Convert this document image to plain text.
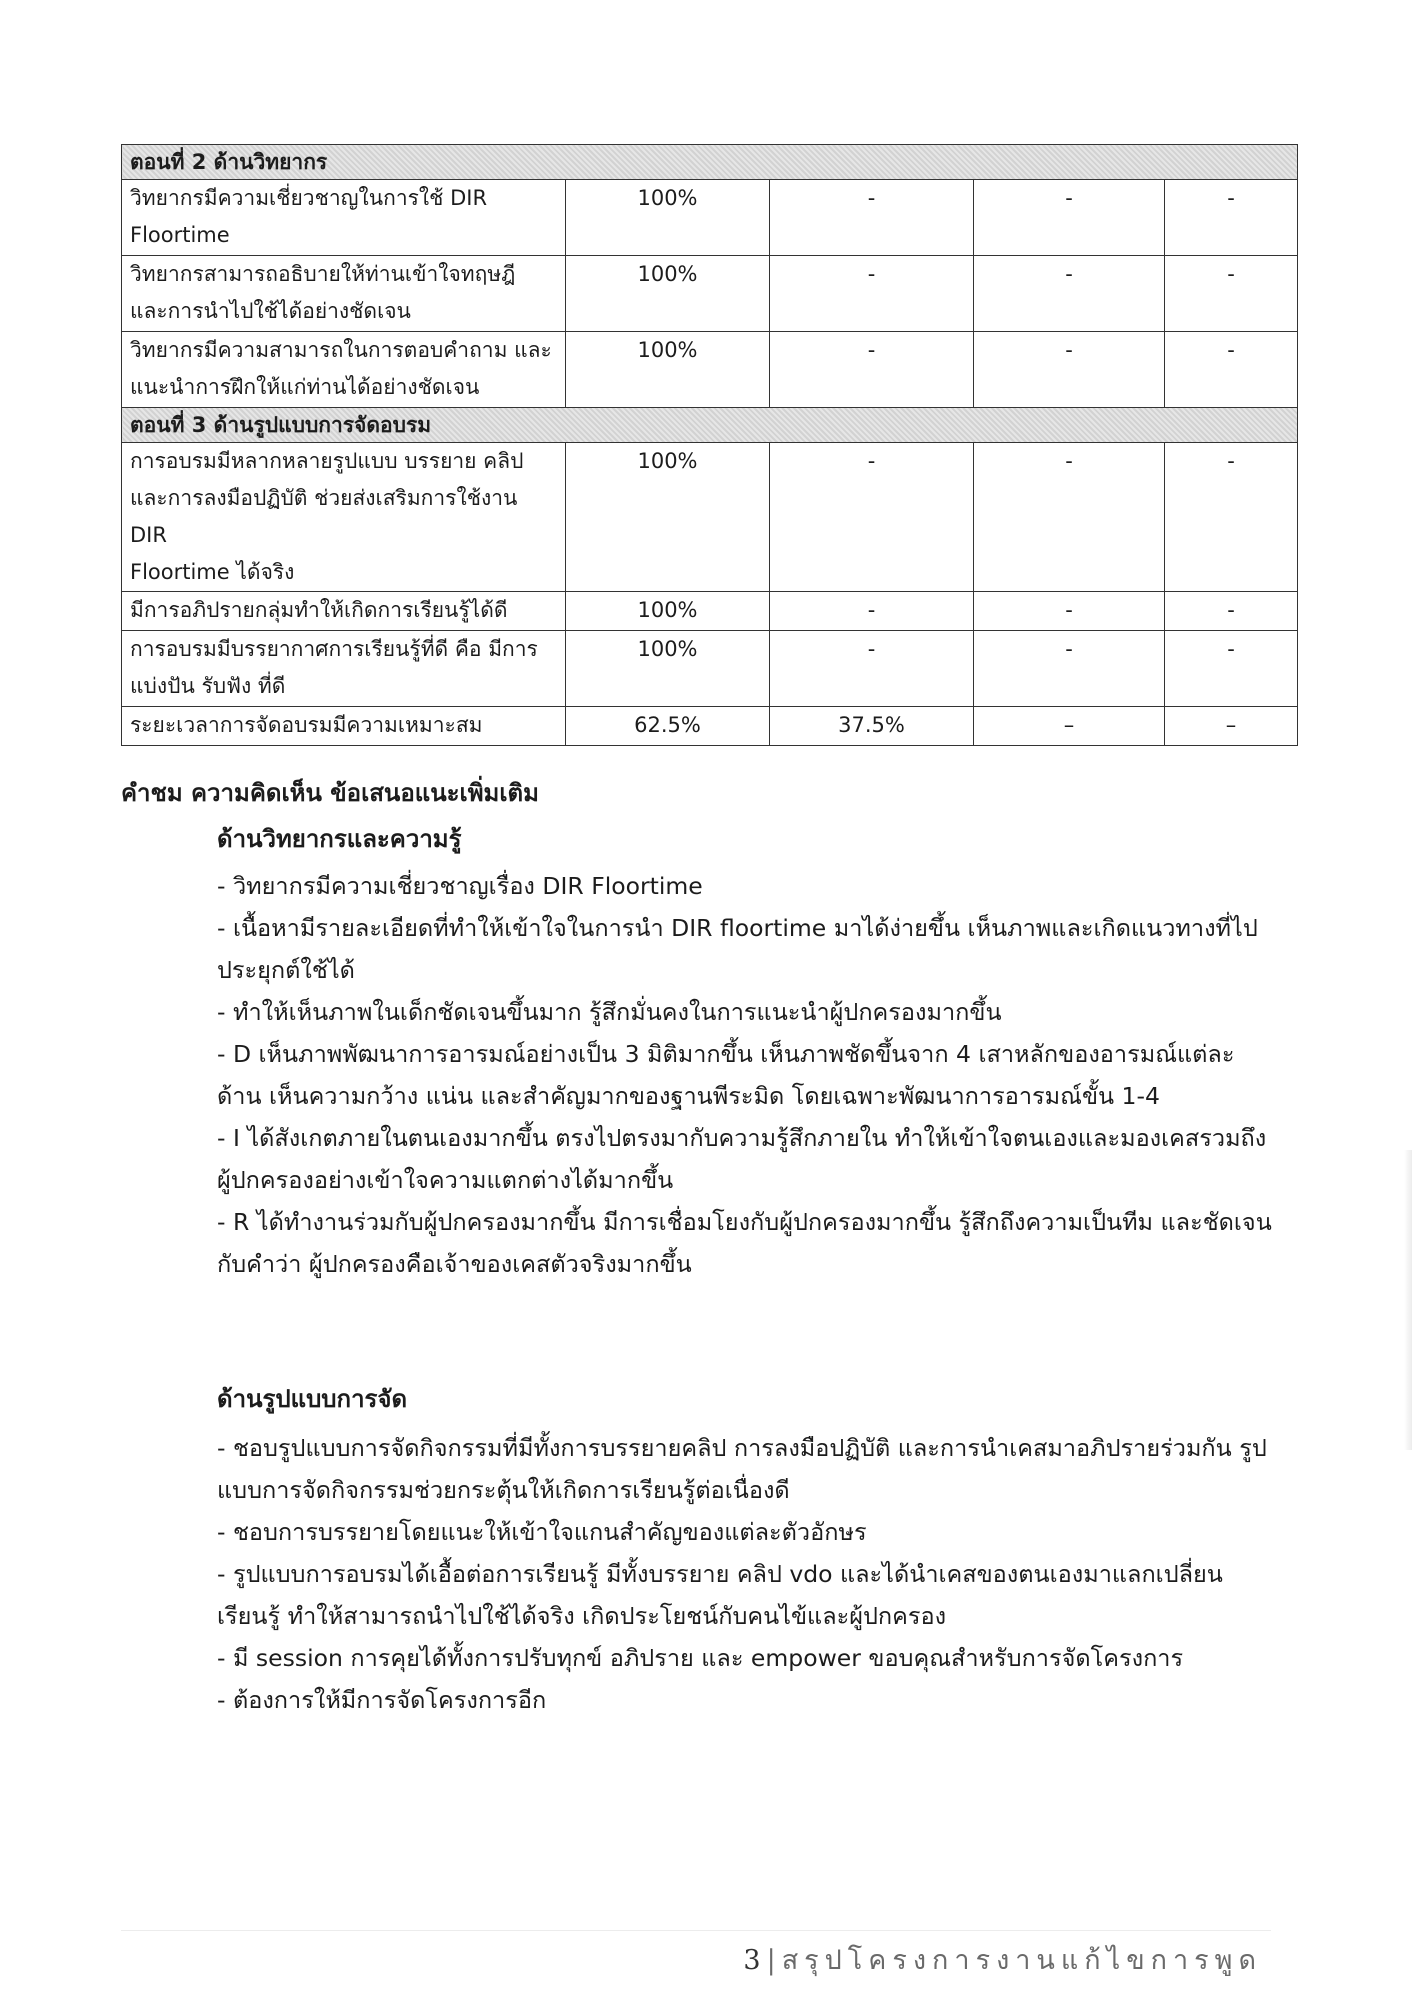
ตอนที่ 2 ด้านวิทยากร				
วิทยากรมีความเชี่ยวชาญในการใช้ DIR
Floortime	100%	-	-	-
วิทยากรสามารถอธิบายให้ท่านเข้าใจทฤษฎี
และการนำไปใช้ได้อย่างชัดเจน	100%	-	-	-
วิทยากรมีความสามารถในการตอบคำถาม และ
แนะนำการฝึกให้แก่ท่านได้อย่างชัดเจน	100%	-	-	-
ตอนที่ 3 ด้านรูปแบบการจัดอบรม				
การอบรมมีหลากหลายรูปแบบ บรรยาย คลิป
และการลงมือปฏิบัติ ช่วยส่งเสริมการใช้งาน DIR
Floortime ได้จริง	100%	-	-	-
มีการอภิปรายกลุ่มทำให้เกิดการเรียนรู้ได้ดี	100%	-	-	-
การอบรมมีบรรยากาศการเรียนรู้ที่ดี คือ มีการ
แบ่งปัน รับฟัง ที่ดี	100%	-	-	-
ระยะเวลาการจัดอบรมมีความเหมาะสม	62.5%	37.5%	–	–
คำชม ความคิดเห็น ข้อเสนอแนะเพิ่มเติม
ด้านวิทยากรและความรู้

- วิทยากรมีความเชี่ยวชาญเรื่อง DIR Floortime

- เนื้อหามีรายละเอียดที่ทำให้เข้าใจในการนำ DIR floortime มาได้ง่ายขึ้น เห็นภาพและเกิดแนวทางที่ไป ประยุกต์ใช้ได้

- ทำให้เห็นภาพในเด็กชัดเจนขึ้นมาก รู้สึกมั่นคงในการแนะนำผู้ปกครองมากขึ้น

- D เห็นภาพพัฒนาการอารมณ์อย่างเป็น 3 มิติมากขึ้น เห็นภาพชัดขึ้นจาก 4 เสาหลักของอารมณ์แต่ละ ด้าน เห็นความกว้าง แน่น และสำคัญมากของฐานพีระมิด โดยเฉพาะพัฒนาการอารมณ์ขั้น 1-4

- I ได้สังเกตภายในตนเองมากขึ้น ตรงไปตรงมากับความรู้สึกภายใน ทำให้เข้าใจตนเองและมองเคสรวมถึง ผู้ปกครองอย่างเข้าใจความแตกต่างได้มากขึ้น

- R ได้ทำงานร่วมกับผู้ปกครองมากขึ้น มีการเชื่อมโยงกับผู้ปกครองมากขึ้น รู้สึกถึงความเป็นทีม และชัดเจน กับคำว่า ผู้ปกครองคือเจ้าของเคสตัวจริงมากขึ้น

ด้านรูปแบบการจัด

- ชอบรูปแบบการจัดกิจกรรมที่มีทั้งการบรรยายคลิป การลงมือปฏิบัติ และการนำเคสมาอภิปรายร่วมกัน รูปแบบการจัดกิจกรรมช่วยกระตุ้นให้เกิดการเรียนรู้ต่อเนื่องดี

- ชอบการบรรยายโดยแนะให้เข้าใจแกนสำคัญของแต่ละตัวอักษร

- รูปแบบการอบรมได้เอื้อต่อการเรียนรู้ มีทั้งบรรยาย คลิป vdo และได้นำเคสของตนเองมาแลกเปลี่ยน เรียนรู้ ทำให้สามารถนำไปใช้ได้จริง เกิดประโยชน์กับคนไข้และผู้ปกครอง

- มี session การคุยได้ทั้งการปรับทุกข์ อภิปราย และ empower ขอบคุณสำหรับการจัดโครงการ

- ต้องการให้มีการจัดโครงการอีก

3|สรุปโครงการงานแก้ไขการพูด
